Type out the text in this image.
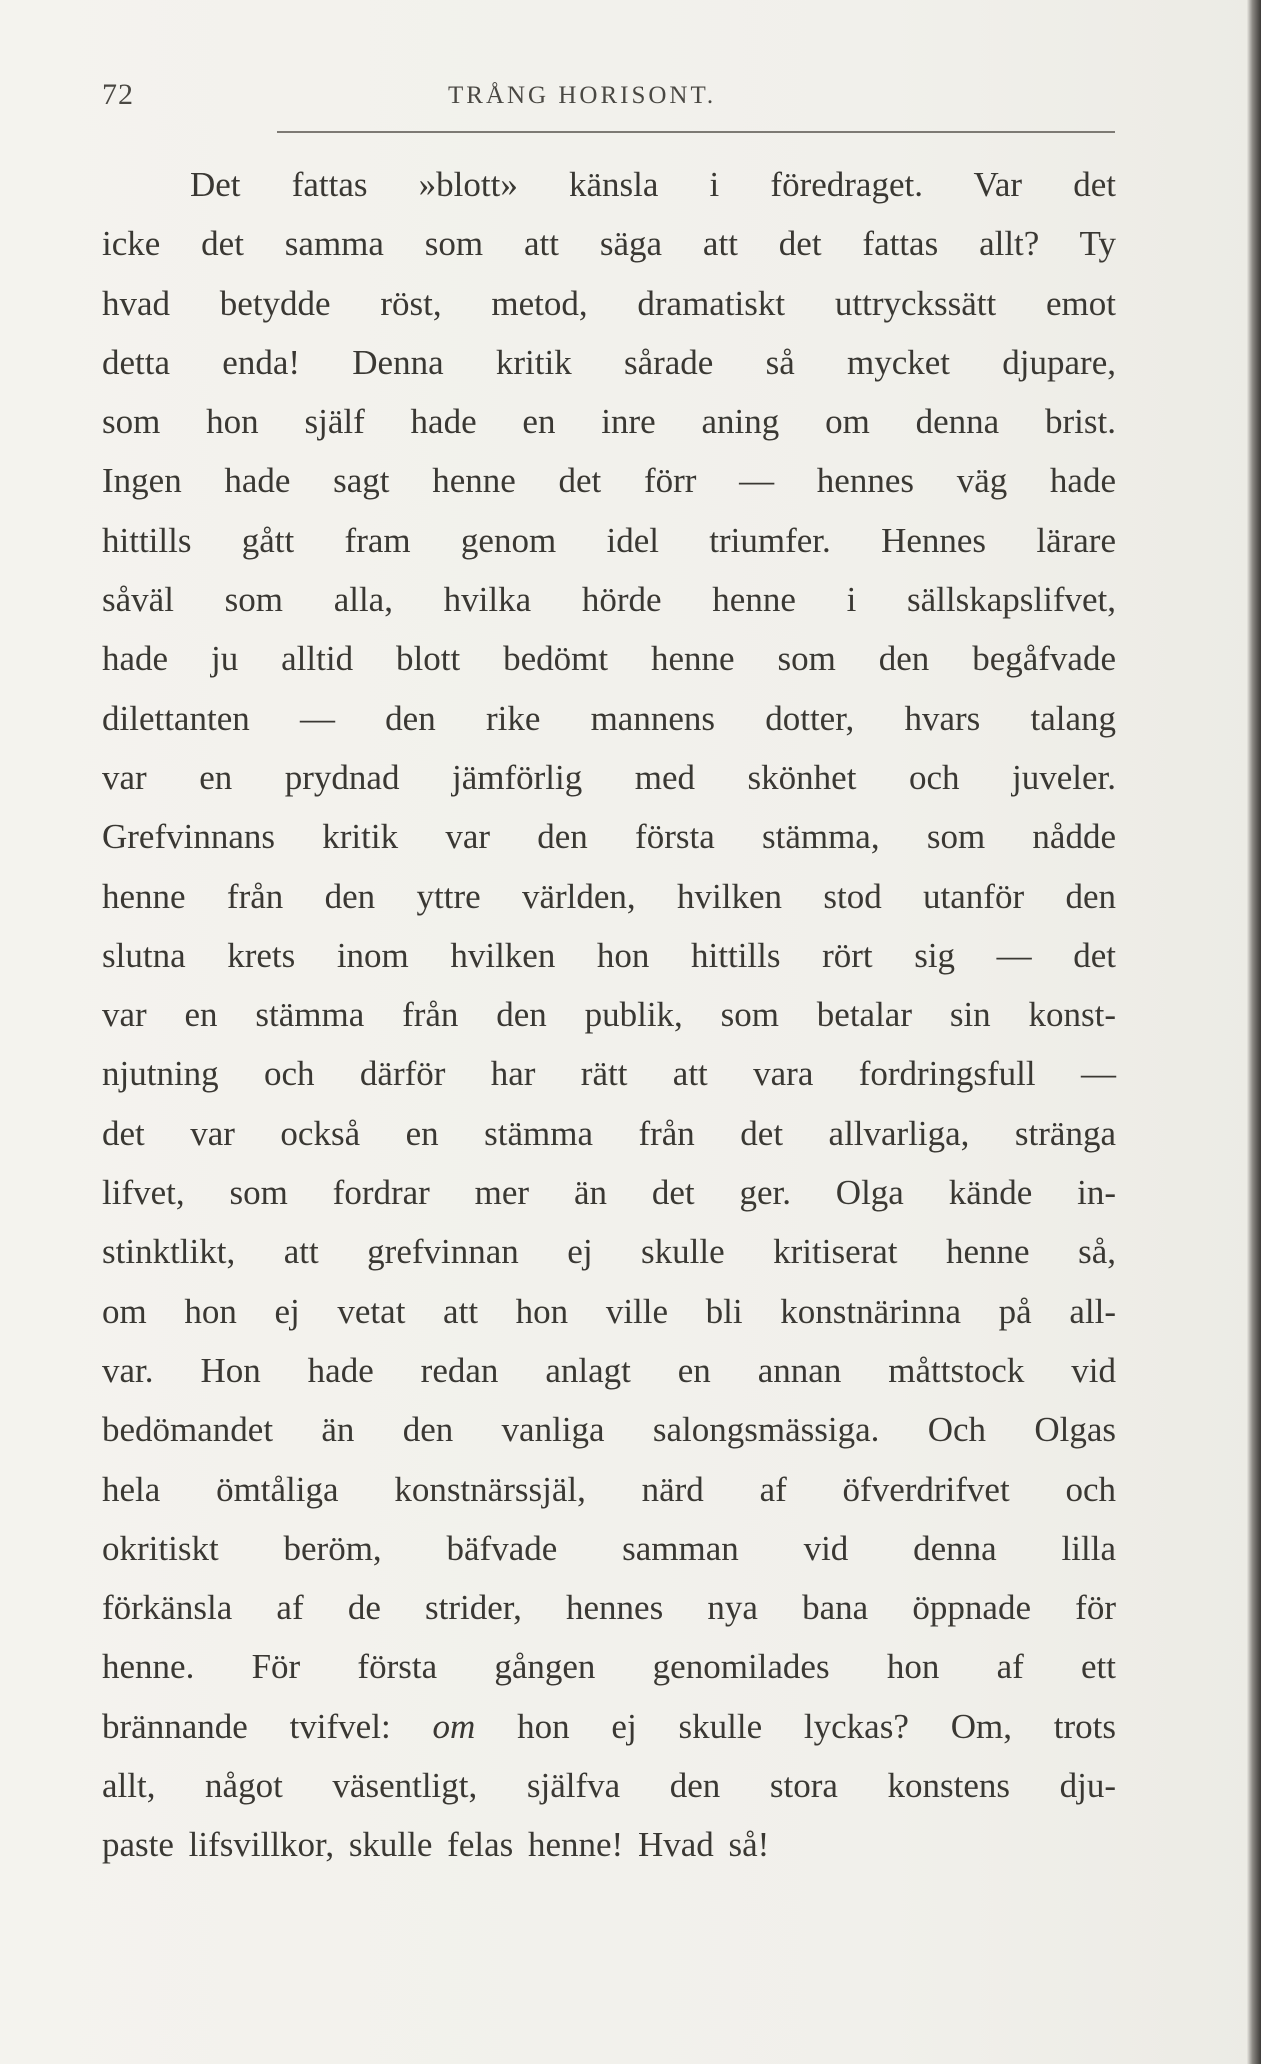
72	TRÅNG HORISONT.
Det fattas »blott» känsla i föredraget. Var det
icke det samma som att säga att det fattas allt? Ty
hvad betydde röst, metod, dramatiskt uttryckssätt emot
detta enda! Denna kritik sårade så mycket djupare,
som hon själf hade en inre aning om denna brist.
Ingen hade sagt henne det förr — hennes väg hade
hittills gått fram genom idel triumfer. Hennes lärare
såväl som alla, hvilka hörde henne i sällskapslifvet,
hade ju alltid blott bedömt henne som den begåfvade
dilettanten — den rike mannens dotter, hvars talang
var en prydnad jämförlig med skönhet och juveler.
Grefvinnans kritik var den första stämma, som nådde
henne från den yttre världen, hvilken stod utanför den
slutna krets inom hvilken hon hittills rört sig — det
var en stämma från den publik, som betalar sin konst-
njutning och därför har rätt att vara fordringsfull —
det var också en stämma från det allvarliga, stränga
lifvet, som fordrar mer än det ger. Olga kände in-
stinktlikt, att grefvinnan ej skulle kritiserat henne så,
om hon ej vetat att hon ville bli konstnärinna på all-
var. Hon hade redan anlagt en annan måttstock vid
bedömandet än den vanliga salongsmässiga. Och Olgas
hela ömtåliga konstnärssjäl, närd af öfverdrifvet och
okritiskt beröm, bäfvade samman vid denna lilla
förkänsla af de strider, hennes nya bana öppnade för
henne. För första gången genomilades hon af ett
brännande tvifvel: om hon ej skulle lyckas? Om, trots
allt, något väsentligt, själfva den stora konstens dju-
paste lifsvillkor, skulle felas henne! Hvad så!
